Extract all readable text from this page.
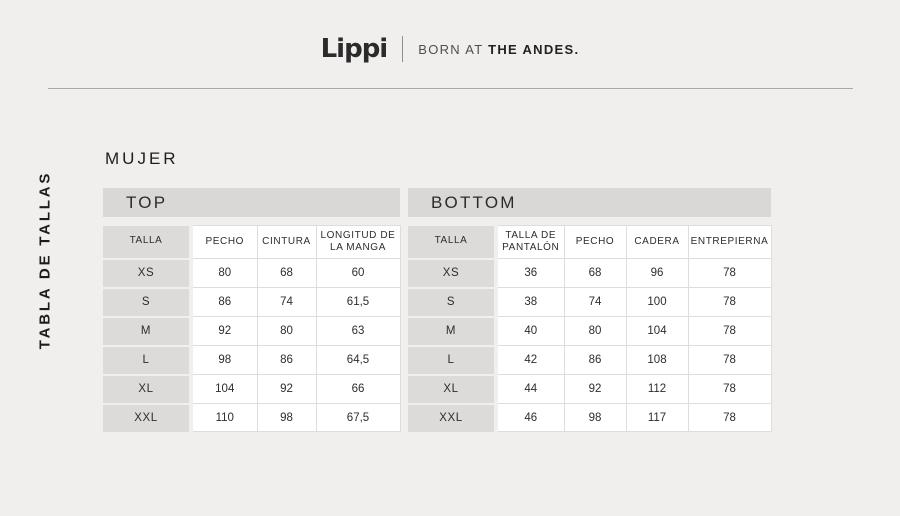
Lippi BORN AT THE ANDES.
TABLA DE TALLAS
MUJER
TOP
TALLA	PECHO	CINTURA	LONGITUD DE LA MANGA
XS	80	68	60
S	86	74	61,5
M	92	80	63
L	98	86	64,5
XL	104	92	66
XXL	110	98	67,5
BOTTOM
TALLA	TALLA DE PANTALÓN	PECHO	CADERA	ENTREPIERNA
XS	36	68	96	78
S	38	74	100	78
M	40	80	104	78
L	42	86	108	78
XL	44	92	112	78
XXL	46	98	117	78
